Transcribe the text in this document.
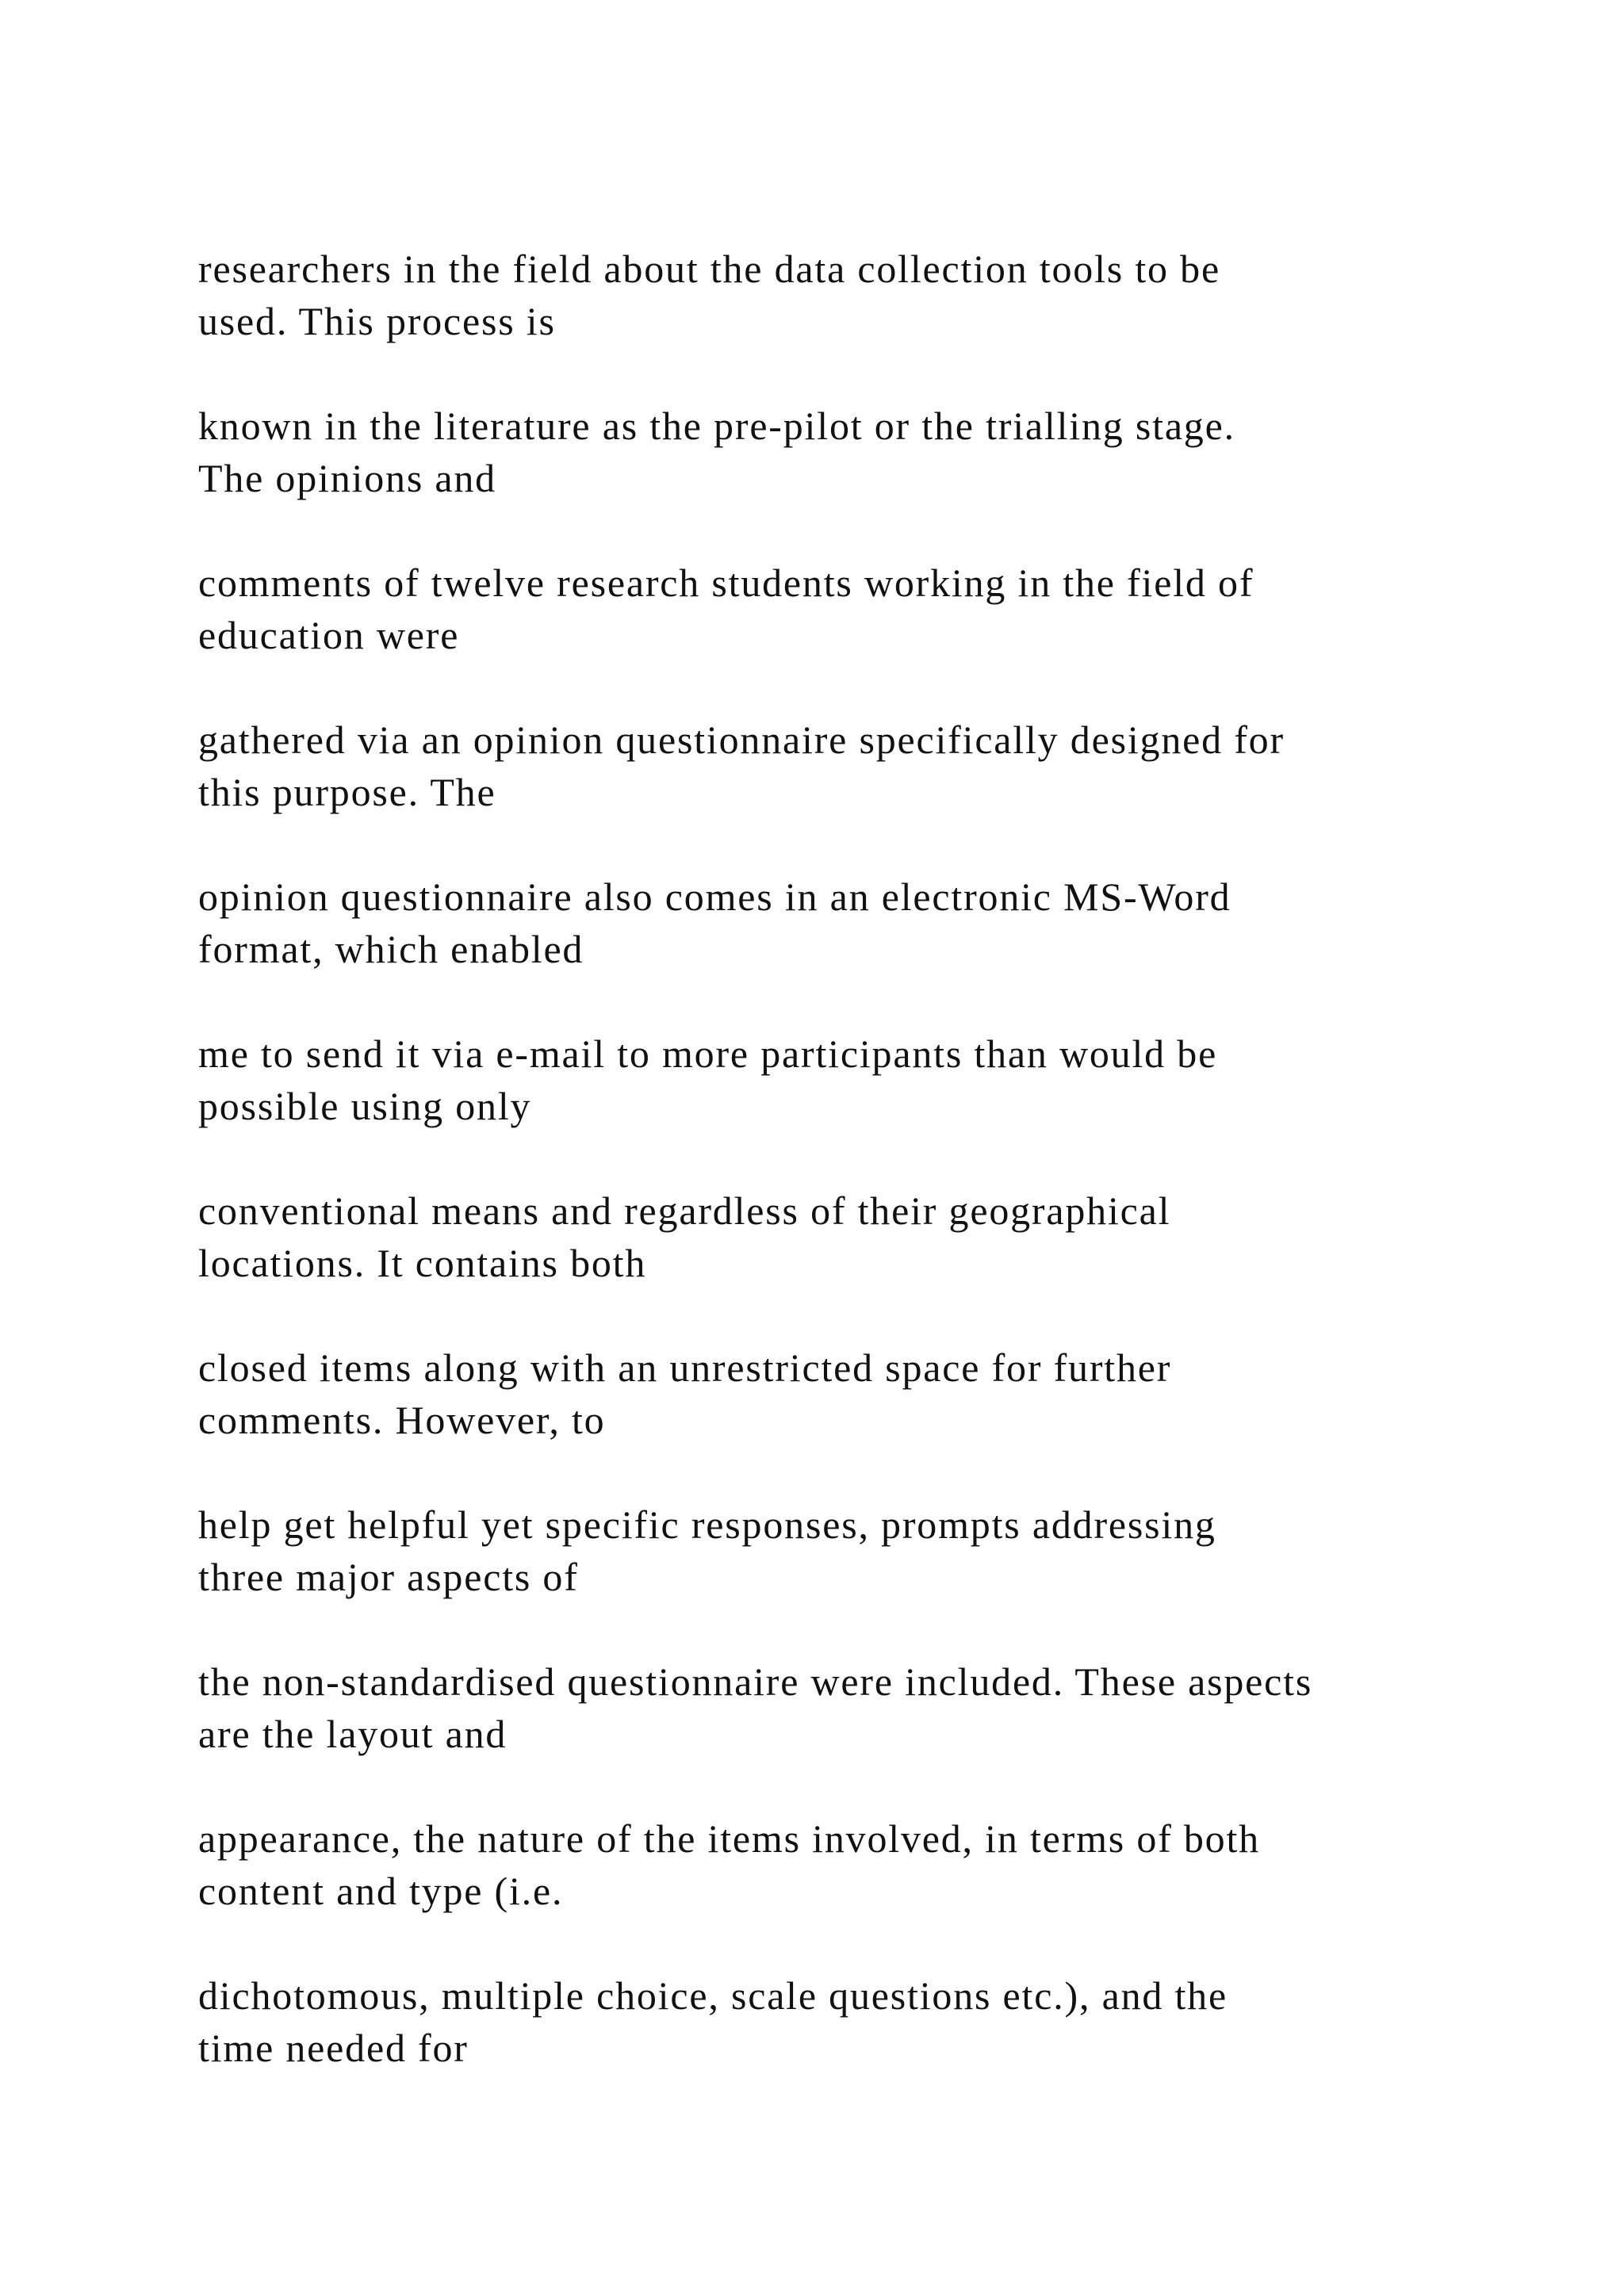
researchers in the field about the data collection tools to be
used. This process is

known in the literature as the pre-pilot or the trialling stage.
The opinions and

comments of twelve research students working in the field of
education were

gathered via an opinion questionnaire specifically designed for
this purpose. The

opinion questionnaire also comes in an electronic MS-Word
format, which enabled

me to send it via e-mail to more participants than would be
possible using only

conventional means and regardless of their geographical
locations. It contains both

closed items along with an unrestricted space for further
comments. However, to

help get helpful yet specific responses, prompts addressing
three major aspects of

the non-standardised questionnaire were included. These aspects
are the layout and

appearance, the nature of the items involved, in terms of both
content and type (i.e.

dichotomous, multiple choice, scale questions etc.), and the
time needed for
